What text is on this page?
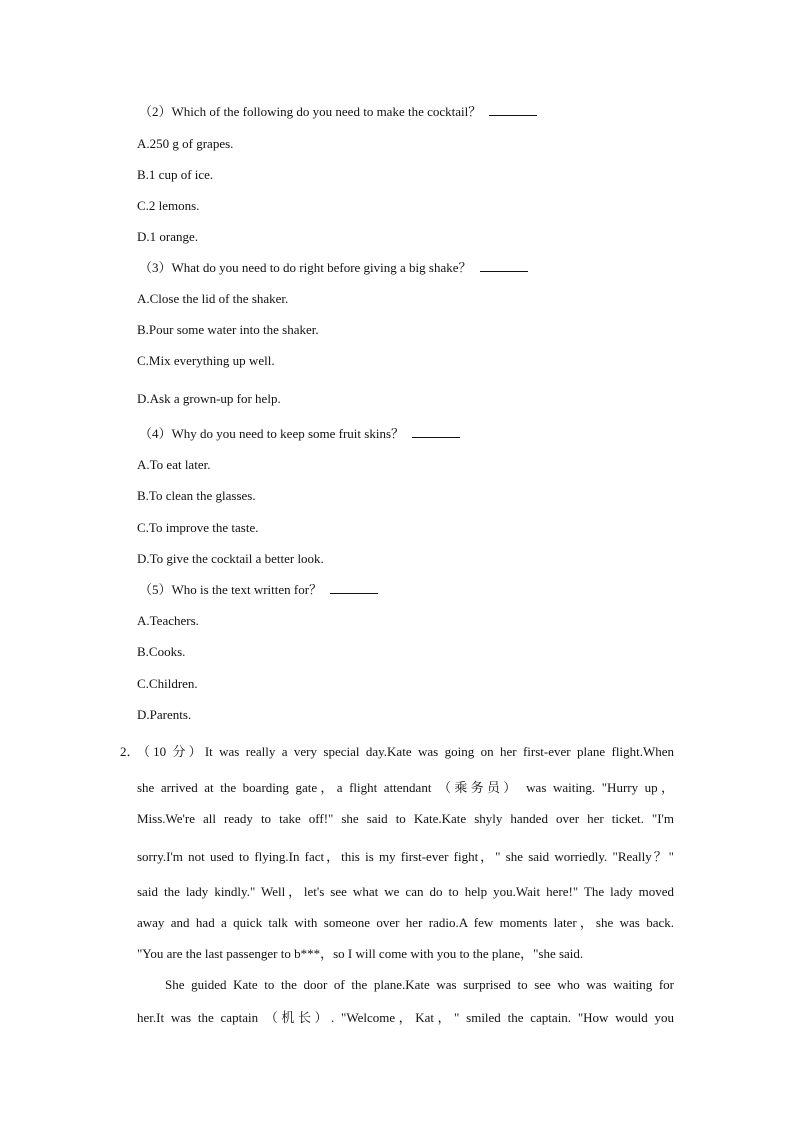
（2）Which of the following do you need to make the cocktail？
A.250 g of grapes.
B.1 cup of ice.
C.2 lemons.
D.1 orange.
（3）What do you need to do right before giving a big shake？
A.Close the lid of the shaker.
B.Pour some water into the shaker.
C.Mix everything up well.
D.Ask a grown-up for help.
（4）Why do you need to keep some fruit skins？
A.To eat later.
B.To clean the glasses.
C.To improve the taste.
D.To give the cocktail a better look.
（5）Who is the text written for？
A.Teachers.
B.Cooks.
C.Children.
D.Parents.
2．
（10 分）It was really a very special day.Kate was going on her first-ever plane flight.When
she arrived at the boarding gate，a flight attendant （乘务员） was waiting. "Hurry up，
Miss.We're all ready to take off!" she said to Kate.Kate shyly handed over her ticket. "I'm
sorry.I'm not used to flying.In fact，this is my first-ever fight，" she said worriedly. "Really？"
said the lady kindly." Well，let's see what we can do to help you.Wait here!" The lady moved
away and had a quick talk with someone over her radio.A few moments later，she was back.
"You are the last passenger to b***，so I will come with you to the plane，"she said.
She guided Kate to the door of the plane.Kate was surprised to see who was waiting for
her.It was the captain （机长）. "Welcome，Kat，" smiled the captain. "How would you
